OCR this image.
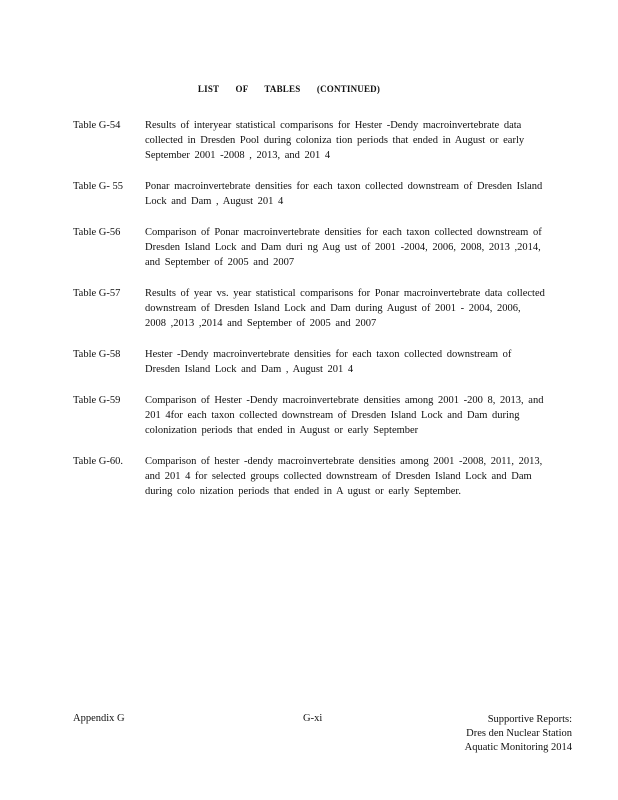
LIST OF TABLES (CONTINUED)
Table G-54	Results of interyear statistical comparisons for Hester -Dendy macroinvertebrate data collected in Dresden Pool during coloniza tion periods that ended in August or early September 2001 -2008 , 2013, and 201 4
Table G- 55	Ponar macroinvertebrate densities for each taxon collected downstream of Dresden Island Lock and Dam , August 201 4
Table G-56	Comparison of Ponar macroinvertebrate densities for each taxon collected downstream of Dresden Island Lock and Dam duri ng Aug ust of 2001 -2004, 2006, 2008, 2013 ,2014, and September of 2005 and 2007
Table G-57	Results of year vs. year statistical comparisons for Ponar macroinvertebrate data collected downstream of Dresden Island Lock and Dam during August of 2001 - 2004, 2006, 2008 ,2013 ,2014 and September of 2005 and 2007
Table G-58	Hester -Dendy macroinvertebrate densities for each taxon collected downstream of Dresden Island Lock and Dam , August 201 4
Table G-59	Comparison of Hester -Dendy macroinvertebrate densities among 2001 -200 8, 2013, and 201 4for each taxon collected downstream of Dresden Island Lock and Dam during colonization periods that ended in August or early September
Table G-60.	Comparison of hester -dendy macroinvertebrate densities among 2001 -2008, 2011, 2013, and 201 4 for selected groups collected downstream of Dresden Island Lock and Dam during colo nization periods that ended in A ugust or early September.
Appendix G	G-xi	Supportive Reports:
Dres den Nuclear Station
Aquatic Monitoring 2014
